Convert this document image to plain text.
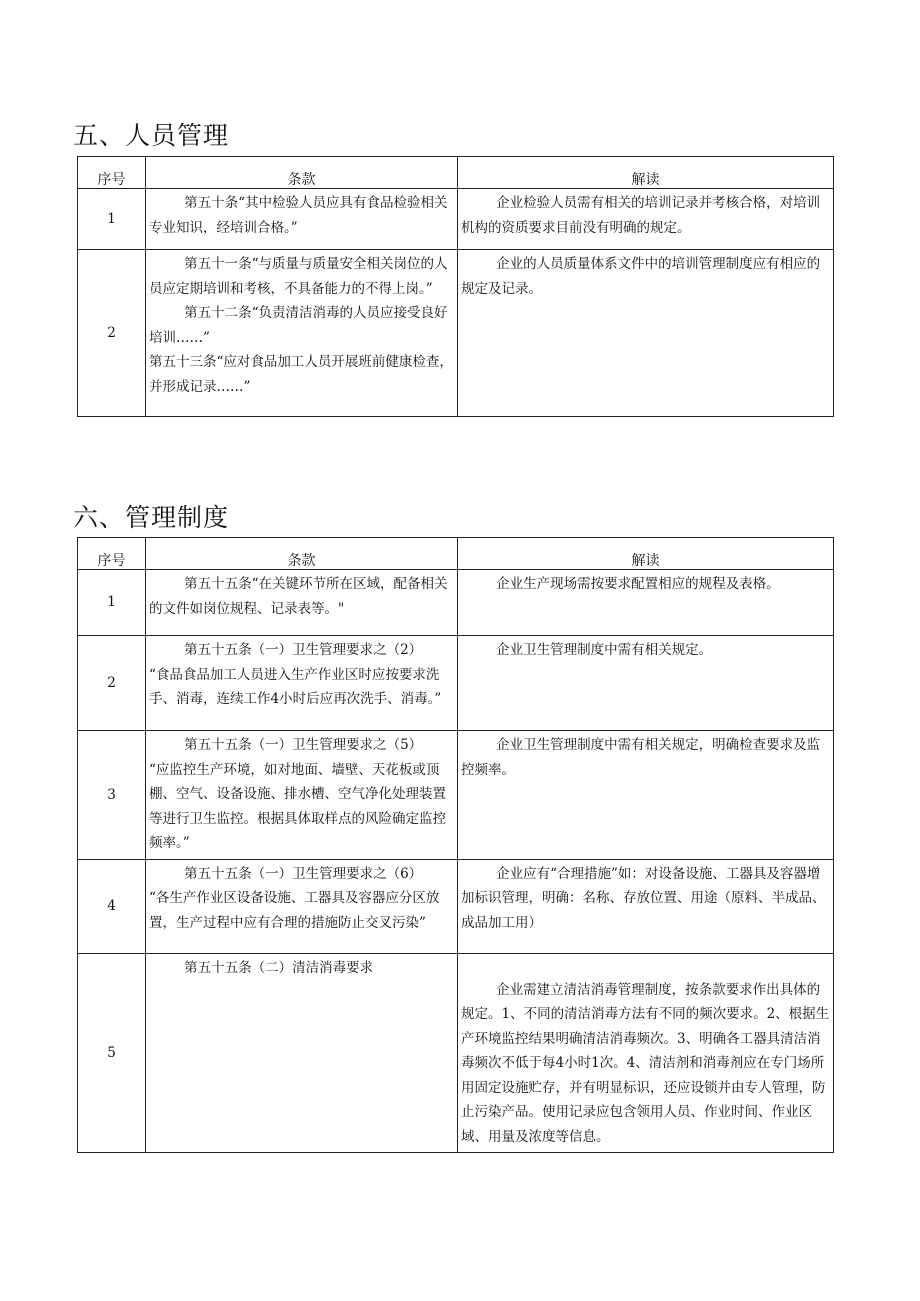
五、人员管理
序号	条款	解读
1	第五十条“其中检验人员应具有食品检验相关专业知识，经培训合格。”	企业检验人员需有相关的培训记录并考核合格，对培训机构的资质要求目前没有明确的规定。

2	第五十一条“与质量与质量安全相关岗位的人员应定期培训和考核，不具备能力的不得上岗。”
第五十二条“负责清洁消毒的人员应接受良好培训……”
第五十三条“应对食品加工人员开展班前健康检查，并形成记录……”	企业的人员质量体系文件中的培训管理制度应有相应的规定及记录。
六、管理制度
序号	条款	解读
1	第五十五条“在关键环节所在区域，配备相关的文件如岗位规程、记录表等。"	企业生产现场需按要求配置相应的规程及表格。

2	第五十五条（一）卫生管理要求之（2）
“食品食品加工人员进入生产作业区时应按要求洗手、消毒，连续工作4小时后应再次洗手、消毒。”	企业卫生管理制度中需有相关规定。

3	第五十五条（一）卫生管理要求之（5）
“应监控生产环境，如对地面、墙壁、天花板或顶棚、空气、设备设施、排水槽、空气净化处理装置等进行卫生监控。根据具体取样点的风险确定监控频率。”	企业卫生管理制度中需有相关规定，明确检查要求及监控频率。

4	第五十五条（一）卫生管理要求之（6）
“各生产作业区设备设施、工器具及容器应分区放置，生产过程中应有合理的措施防止交叉污染”	企业应有“合理措施”如：对设备设施、工器具及容器增加标识管理，明确：名称、存放位置、用途（原料、半成品、成品加工用）

5	第五十五条（二）清洁消毒要求	企业需建立清洁消毒管理制度，按条款要求作出具体的规定。1、不同的清洁消毒方法有不同的频次要求。2、根据生产环境监控结果明确清洁消毒频次。3、明确各工器具清洁消毒频次不低于每4小时1次。4、清洁剂和消毒剂应在专门场所用固定设施贮存，并有明显标识，还应设锁并由专人管理，防止污染产品。使用记录应包含领用人员、作业时间、作业区域、用量及浓度等信息。
